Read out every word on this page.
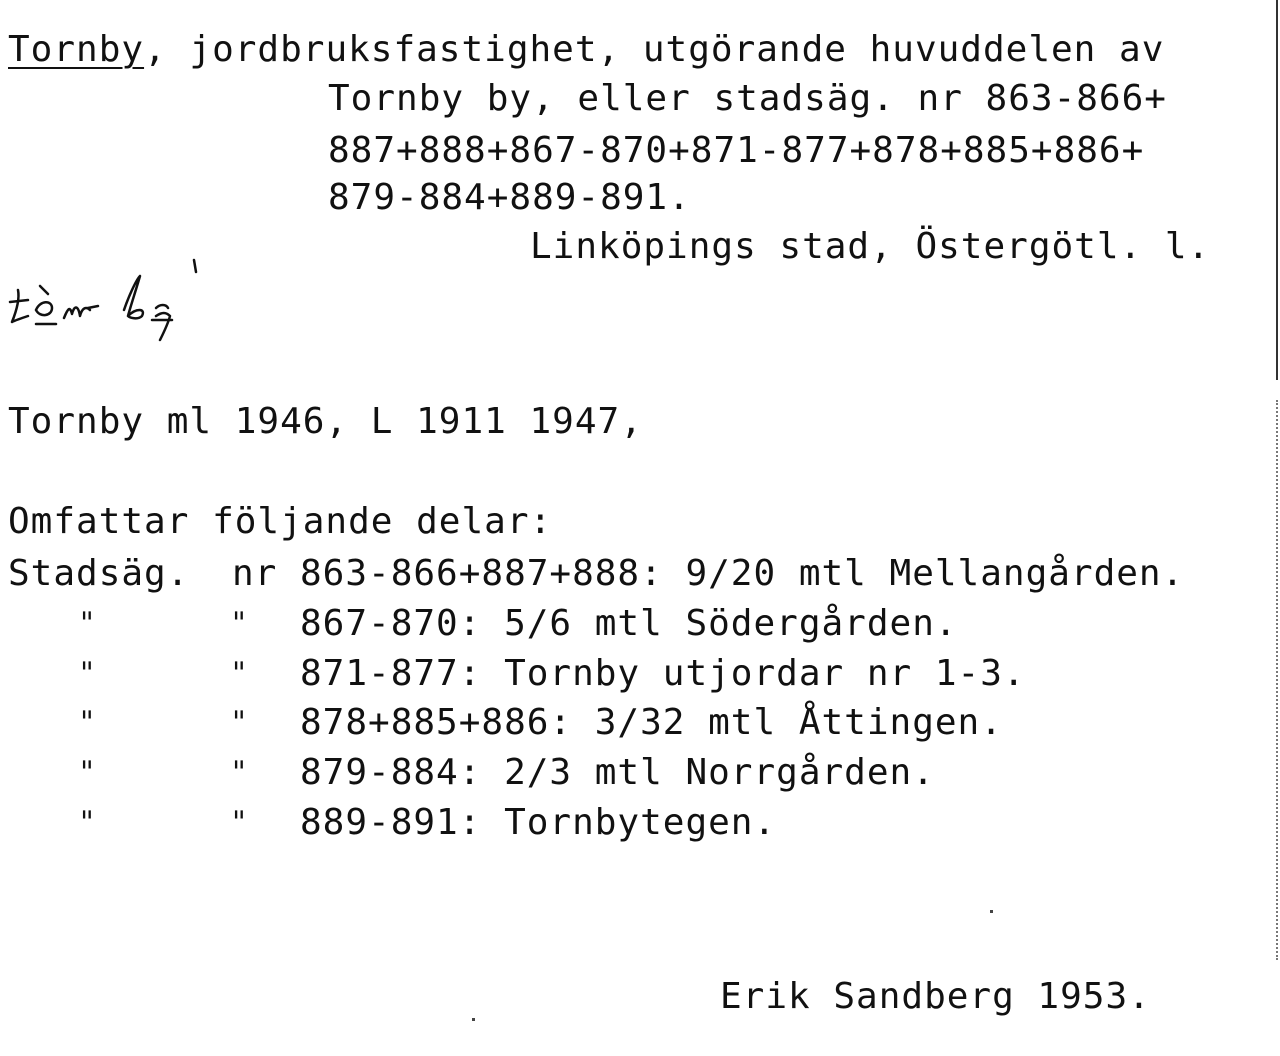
Tornby, jordbruksfastighet, utgörande huvuddelen av
Tornby by, eller stadsäg. nr 863-866+
887+888+867-870+871-877+878+885+886+
879-884+889-891.
Linköpings stad, Östergötl. l.
Tornby ml 1946, L 1911 1947,
Omfattar följande delar:
Stadsäg. nr 863-866+887+888: 9/20 mtl Mellangården.
"	" 867-870: 5/6 mtl Södergården.
"	" 871-877: Tornby utjordar nr 1-3.
"	" 878+885+886: 3/32 mtl Åttingen.
"	" 879-884: 2/3 mtl Norrgården.
"	" 889-891: Tornbytegen.
Erik Sandberg 1953.
